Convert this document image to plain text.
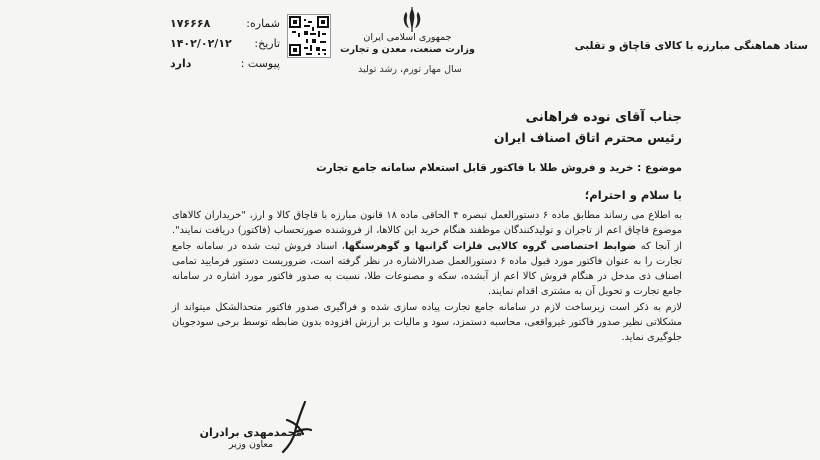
شماره:
۱۷۶۶۶۸
تاریخ:
۱۴۰۲/۰۲/۱۲
پیوست :
دارد
جمهوری اسلامی ایران
وزارت صنعت، معدن و تجارت
سال مهار تورم، رشد تولید
ستاد هماهنگی مبارزه با کالای قاچاق و تقلبی
جناب آقای نوده فراهانی
رئیس محترم اتاق اصناف ایران
موضوع : خرید و فروش طلا با فاکتور قابل استعلام سامانه جامع تجارت
با سلام و احترام؛

به اطلاع می رساند مطابق ماده ۶ دستورالعمل تبصره ۴ الحاقی ماده ۱۸ قانون مبارزه با قاچاق کالا و ارز، "خریداران کالاهای موضوع قاچاق اعم از تاجران و تولیدکنندگان موظفند هنگام خرید این کالاها، از فروشنده صورتحساب (فاکتور) دریافت نمایند". از آنجا که ضوابط اختصاصی گروه کالایی فلزات گرانبها و گوهرسنگها، اسناد فروش ثبت شده در سامانه جامع تجارت را به عنوان فاکتور مورد قبول ماده ۶ دستورالعمل صدرالاشاره در نظر گرفته است، ضروریست دستور فرمایید تمامی اصناف ذی مدخل در هنگام فروش کالا اعم از آبشده، سکه و مصنوعات طلا، نسبت به صدور فاکتور مورد اشاره در سامانه جامع تجارت و تحویل آن به مشتری اقدام نمایند.

لازم به ذکر است زیرساخت لازم در سامانه جامع تجارت پیاده سازی شده و فراگیری صدور فاکتور متحدالشکل میتواند از مشکلاتی نظیر صدور فاکتور غیرواقعی، محاسبه دستمزد، سود و مالیات بر ارزش افزوده بدون ضابطه توسط برخی سودجویان جلوگیری نماید.

محمدمهدی برادران
معاون وزیر
